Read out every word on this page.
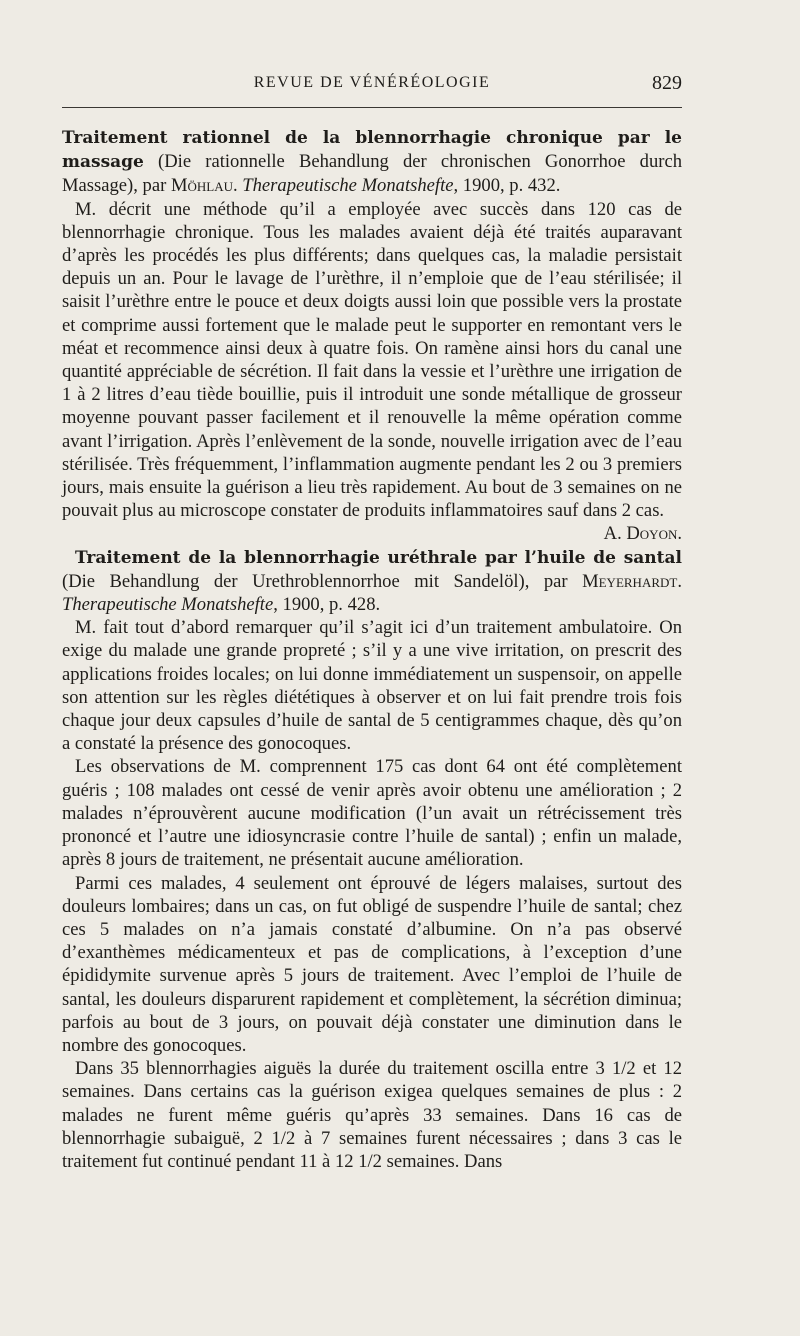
REVUE DE VÉNÉRÉOLOGIE	829

Traitement rationnel de la blennorrhagie chronique par le massage (Die rationnelle Behandlung der chronischen Gonorrhoe durch Massage), par Möhlau. Therapeutische Monatshefte, 1900, p. 432.

M. décrit une méthode qu’il a employée avec succès dans 120 cas de blennorrhagie chronique. Tous les malades avaient déjà été traités auparavant d’après les procédés les plus différents; dans quelques cas, la maladie persistait depuis un an. Pour le lavage de l’urèthre, il n’emploie que de l’eau stérilisée; il saisit l’urèthre entre le pouce et deux doigts aussi loin que possible vers la prostate et comprime aussi fortement que le malade peut le supporter en remontant vers le méat et recommence ainsi deux à quatre fois. On ramène ainsi hors du canal une quantité appréciable de sécrétion. Il fait dans la vessie et l’urèthre une irrigation de 1 à 2 litres d’eau tiède bouillie, puis il introduit une sonde métallique de grosseur moyenne pouvant passer facilement et il renouvelle la même opération comme avant l’irrigation. Après l’enlèvement de la sonde, nouvelle irrigation avec de l’eau stérilisée. Très fréquemment, l’inflammation augmente pendant les 2 ou 3 premiers jours, mais ensuite la guérison a lieu très rapidement. Au bout de 3 semaines on ne pouvait plus au microscope constater de produits inflammatoires sauf dans 2 cas.
A. Doyon.

Traitement de la blennorrhagie uréthrale par l’huile de santal (Die Behandlung der Urethroblennorrhoe mit Sandelöl), par Meyerhardt. Therapeutische Monatshefte, 1900, p. 428.

M. fait tout d’abord remarquer qu’il s’agit ici d’un traitement ambulatoire. On exige du malade une grande propreté ; s’il y a une vive irritation, on prescrit des applications froides locales; on lui donne immédiatement un suspensoir, on appelle son attention sur les règles diététiques à observer et on lui fait prendre trois fois chaque jour deux capsules d’huile de santal de 5 centigrammes chaque, dès qu’on a constaté la présence des gonocoques.

Les observations de M. comprennent 175 cas dont 64 ont été complètement guéris ; 108 malades ont cessé de venir après avoir obtenu une amélioration ; 2 malades n’éprouvèrent aucune modification (l’un avait un rétrécissement très prononcé et l’autre une idiosyncrasie contre l’huile de santal) ; enfin un malade, après 8 jours de traitement, ne présentait aucune amélioration.

Parmi ces malades, 4 seulement ont éprouvé de légers malaises, surtout des douleurs lombaires; dans un cas, on fut obligé de suspendre l’huile de santal; chez ces 5 malades on n’a jamais constaté d’albumine. On n’a pas observé d’exanthèmes médicamenteux et pas de complications, à l’exception d’une épididymite survenue après 5 jours de traitement. Avec l’emploi de l’huile de santal, les douleurs disparurent rapidement et complètement, la sécrétion diminua; parfois au bout de 3 jours, on pouvait déjà constater une diminution dans le nombre des gonocoques.

Dans 35 blennorrhagies aiguës la durée du traitement oscilla entre 3 1/2 et 12 semaines. Dans certains cas la guérison exigea quelques semaines de plus : 2 malades ne furent même guéris qu’après 33 semaines. Dans 16 cas de blennorrhagie subaiguë, 2 1/2 à 7 semaines furent nécessaires ; dans 3 cas le traitement fut continué pendant 11 à 12 1/2 semaines. Dans
